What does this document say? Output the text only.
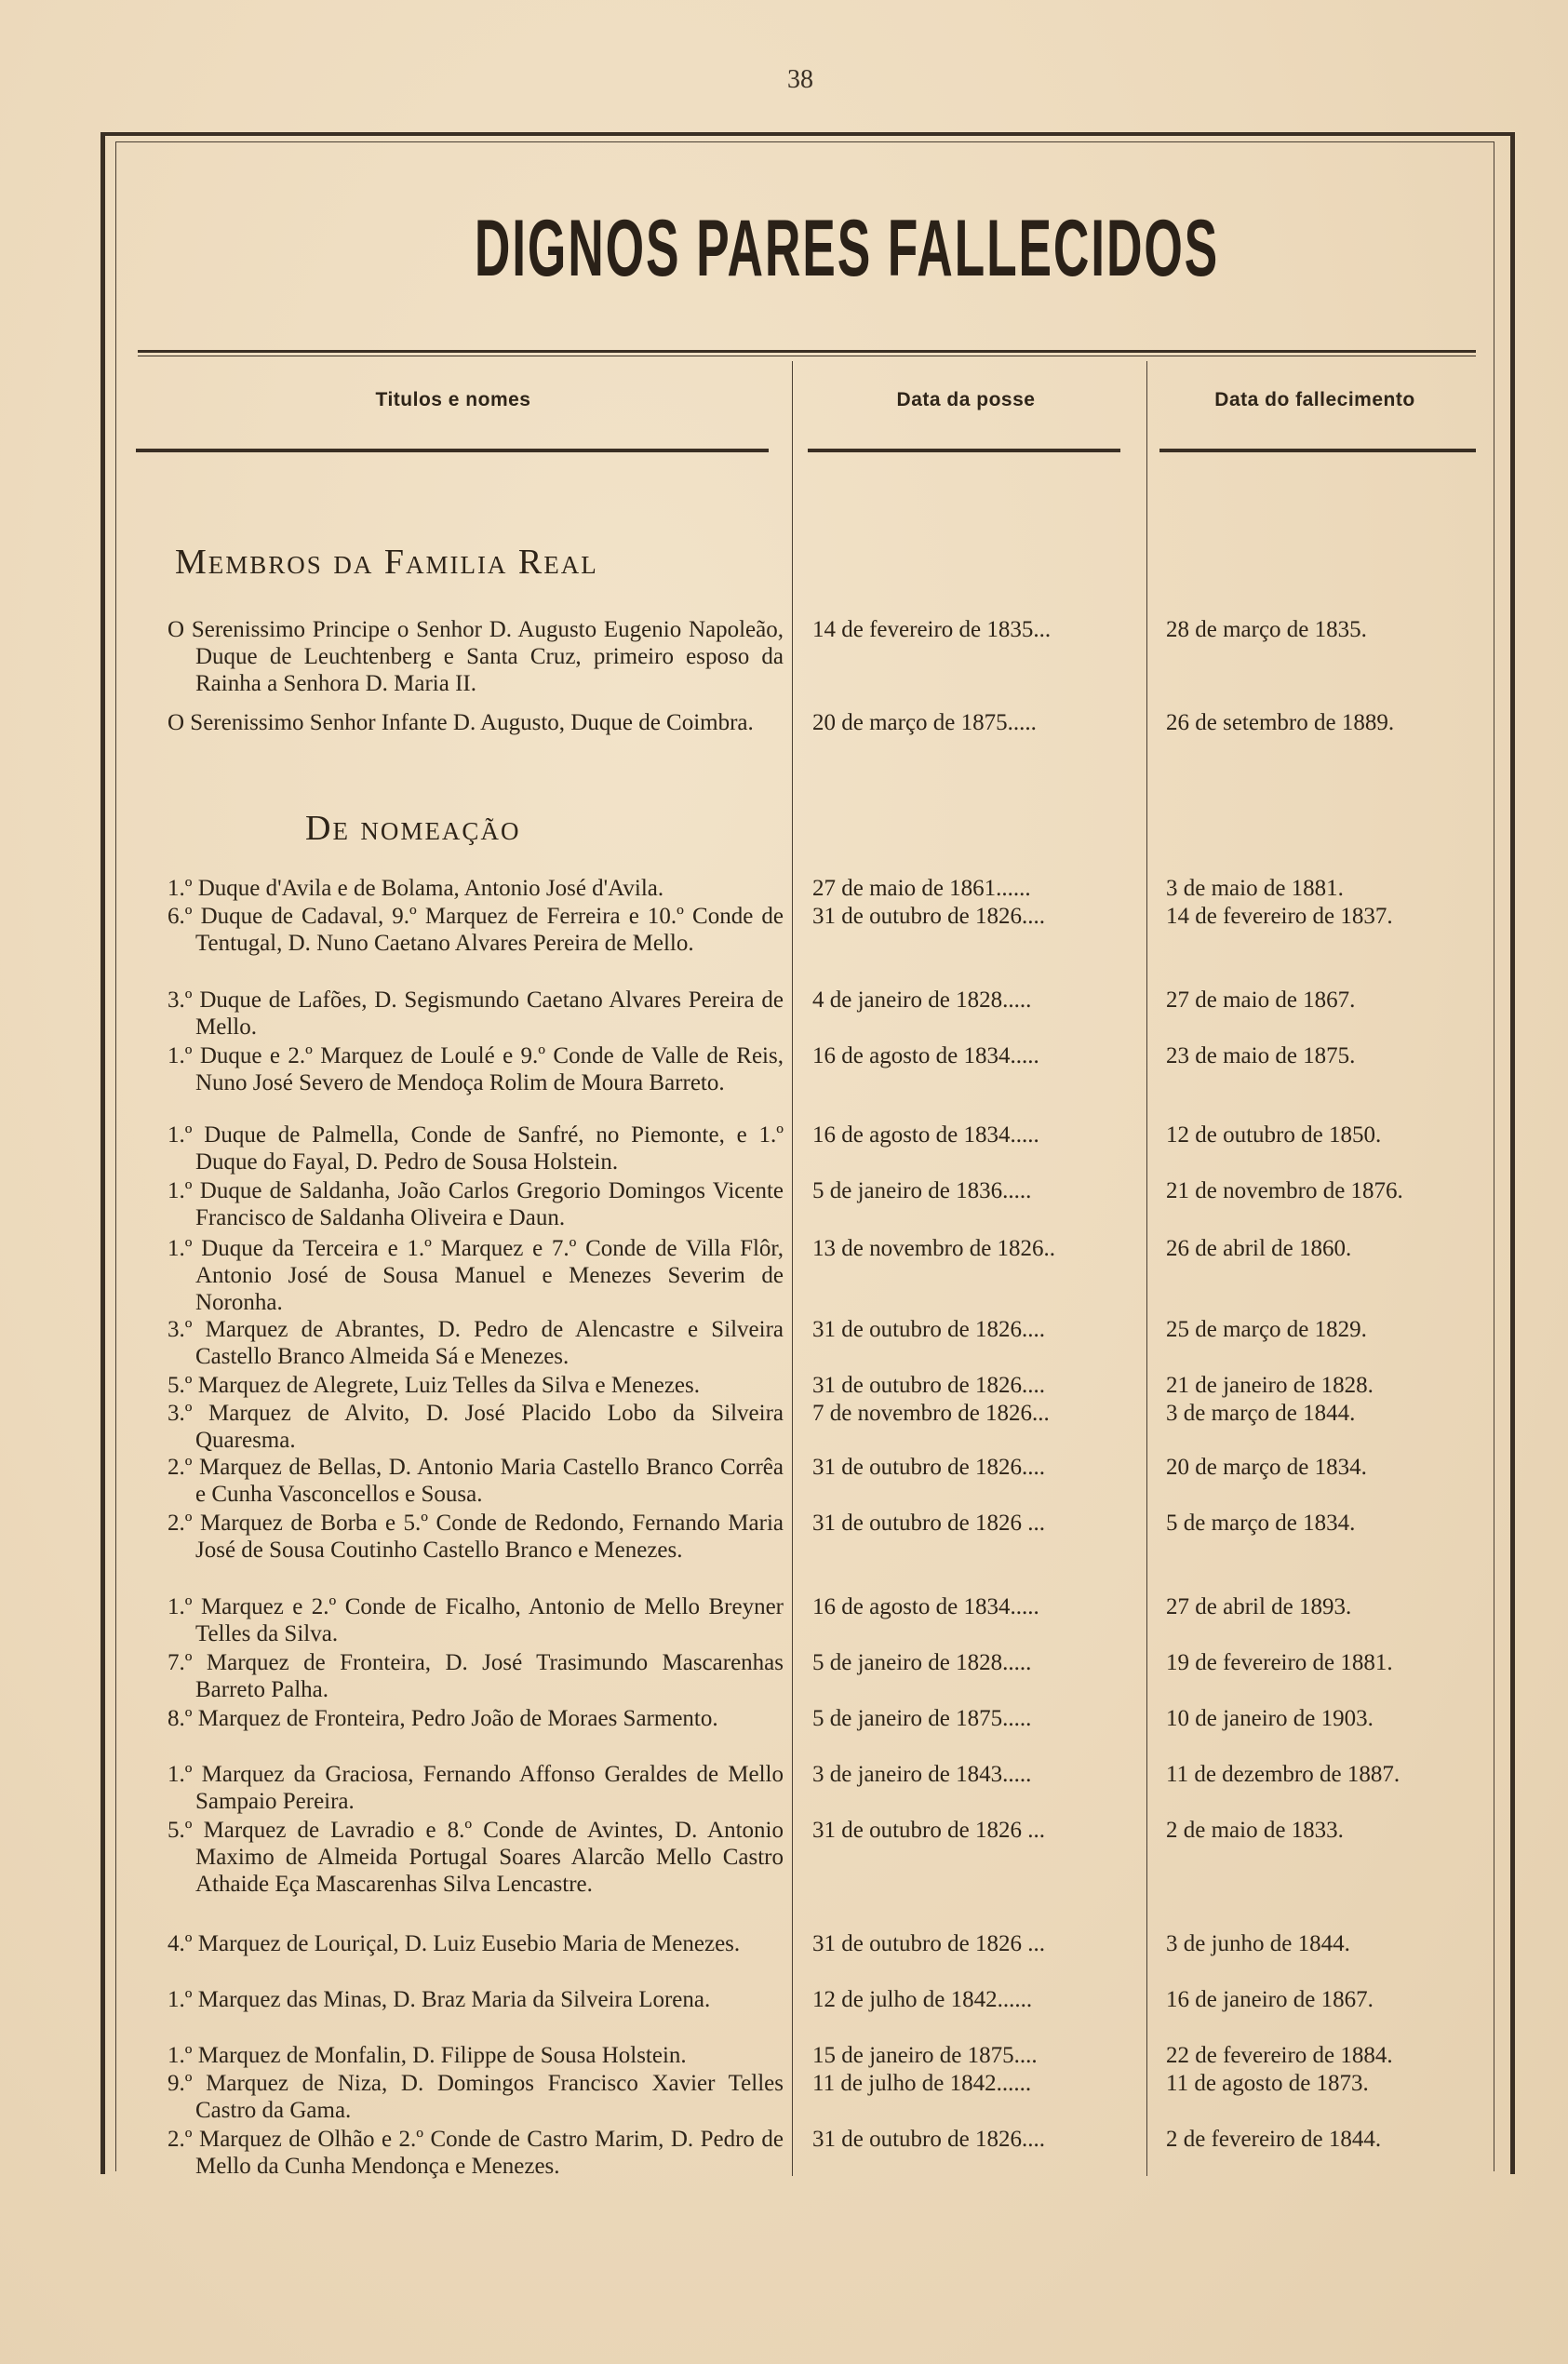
38
DIGNOS PARES FALLECIDOS
Titulos e nomes	Data da posse	Data do fallecimento
Membros da Familia Real
De nomeação
O Serenissimo Principe o Senhor D. Augusto Eugenio Napoleão, Duque de Leuchtenberg e Santa Cruz, primeiro esposo da Rainha a Senhora D. Maria II.
14 de fevereiro de 1835...	28 de março de 1835.
O Serenissimo Senhor Infante D. Augusto, Duque de Coimbra.	20 de março de 1875.....	26 de setembro de 1889.
1.º Duque d'Avila e de Bolama, Antonio José d'Avila.	27 de maio de 1861......	3 de maio de 1881.
6.º Duque de Cadaval, 9.º Marquez de Ferreira e 10.º Conde de Tentugal, D. Nuno Caetano Alvares Pereira de Mello.
31 de outubro de 1826....	14 de fevereiro de 1837.
3.º Duque de Lafões, D. Segismundo Caetano Alvares Pereira de Mello.
4 de janeiro de 1828.....	27 de maio de 1867.
1.º Duque e 2.º Marquez de Loulé e 9.º Conde de Valle de Reis, Nuno José Severo de Mendoça Rolim de Moura Barreto.
16 de agosto de 1834.....	23 de maio de 1875.
1.º Duque de Palmella, Conde de Sanfré, no Piemonte, e 1.º Duque do Fayal, D. Pedro de Sousa Holstein.
16 de agosto de 1834.....	12 de outubro de 1850.
1.º Duque de Saldanha, João Carlos Gregorio Domingos Vicente Francisco de Saldanha Oliveira e Daun.
5 de janeiro de 1836.....	21 de novembro de 1876.
1.º Duque da Terceira e 1.º Marquez e 7.º Conde de Villa Flôr, Antonio José de Sousa Manuel e Menezes Severim de Noronha.
13 de novembro de 1826..	26 de abril de 1860.
3.º Marquez de Abrantes, D. Pedro de Alencastre e Silveira Castello Branco Almeida Sá e Menezes.
31 de outubro de 1826....	25 de março de 1829.
5.º Marquez de Alegrete, Luiz Telles da Silva e Menezes.	31 de outubro de 1826....	21 de janeiro de 1828.
3.º Marquez de Alvito, D. José Placido Lobo da Silveira Quaresma.
7 de novembro de 1826...	3 de março de 1844.
2.º Marquez de Bellas, D. Antonio Maria Castello Branco Corrêa e Cunha Vasconcellos e Sousa.
31 de outubro de 1826....	20 de março de 1834.
2.º Marquez de Borba e 5.º Conde de Redondo, Fernando Maria José de Sousa Coutinho Castello Branco e Menezes.
31 de outubro de 1826 ...	5 de março de 1834.
1.º Marquez e 2.º Conde de Ficalho, Antonio de Mello Breyner Telles da Silva.
16 de agosto de 1834.....	27 de abril de 1893.
7.º Marquez de Fronteira, D. José Trasimundo Mascarenhas Barreto Palha.
5 de janeiro de 1828.....	19 de fevereiro de 1881.
8.º Marquez de Fronteira, Pedro João de Moraes Sarmento.	5 de janeiro de 1875.....	10 de janeiro de 1903.
1.º Marquez da Graciosa, Fernando Affonso Geraldes de Mello Sampaio Pereira.
3 de janeiro de 1843.....	11 de dezembro de 1887.
5.º Marquez de Lavradio e 8.º Conde de Avintes, D. Antonio Maximo de Almeida Portugal Soares Alarcão Mello Castro Athaide Eça Mascarenhas Silva Lencastre.
31 de outubro de 1826 ...	2 de maio de 1833.
4.º Marquez de Louriçal, D. Luiz Eusebio Maria de Menezes.	31 de outubro de 1826 ...	3 de junho de 1844.
1.º Marquez das Minas, D. Braz Maria da Silveira Lorena.	12 de julho de 1842......	16 de janeiro de 1867.
1.º Marquez de Monfalin, D. Filippe de Sousa Holstein.	15 de janeiro de 1875....	22 de fevereiro de 1884.
9.º Marquez de Niza, D. Domingos Francisco Xavier Telles Castro da Gama.
11 de julho de 1842......	11 de agosto de 1873.
2.º Marquez de Olhão e 2.º Conde de Castro Marim, D. Pedro de Mello da Cunha Mendonça e Menezes.
31 de outubro de 1826....	2 de fevereiro de 1844.
